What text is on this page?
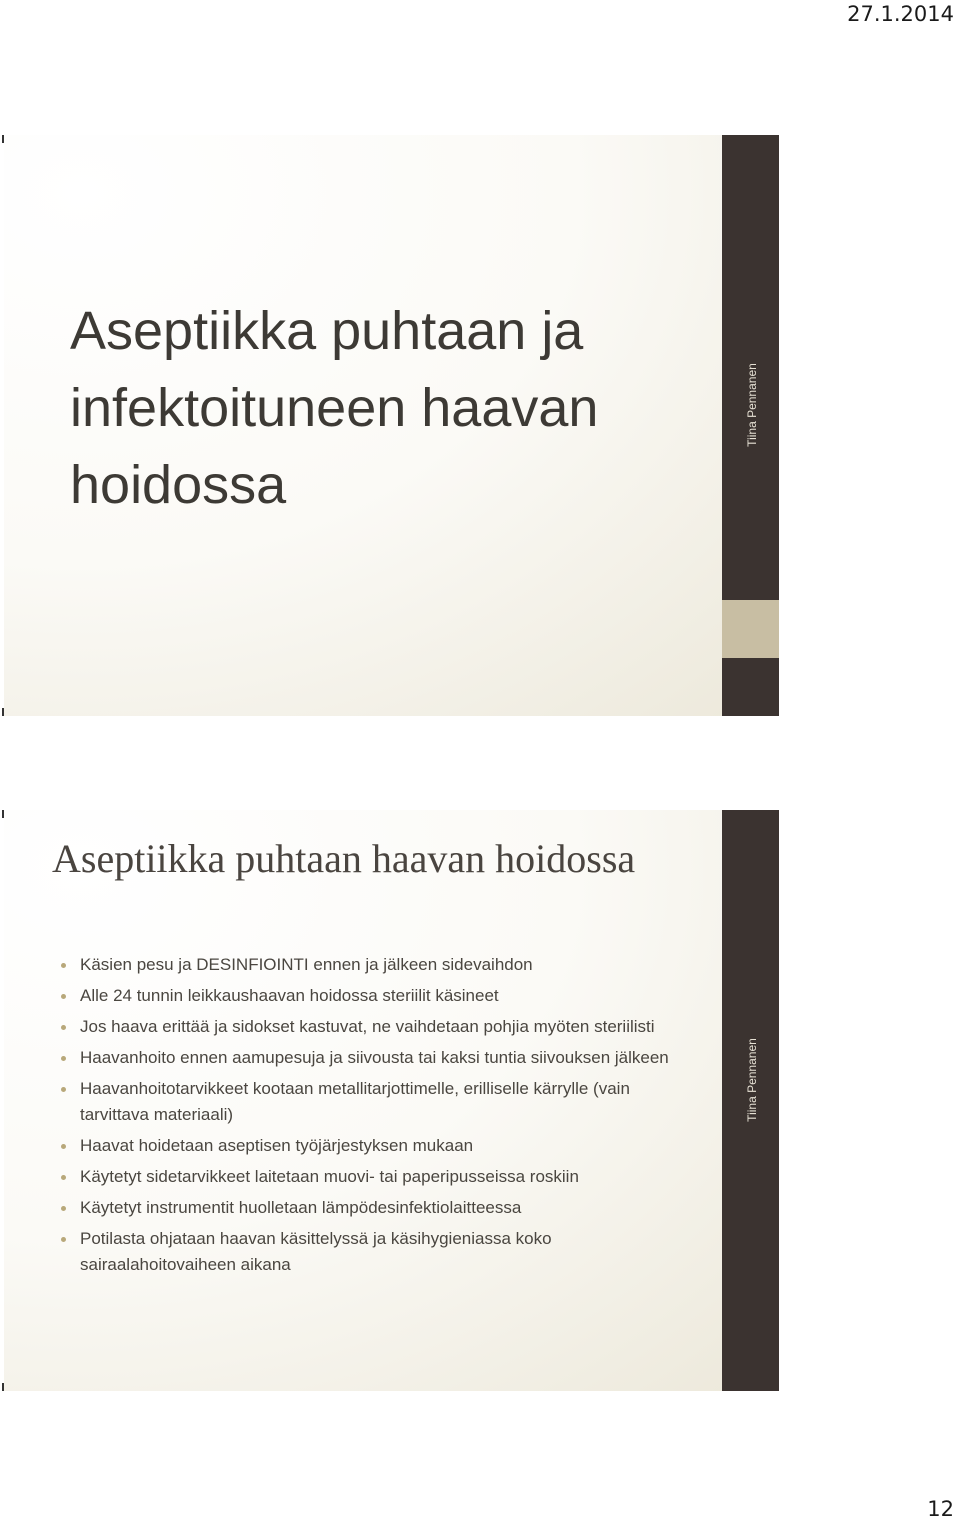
27.1.2014
Aseptiikka puhtaan ja infektoituneen haavan hoidossa
Tiina Pennanen
Aseptiikka puhtaan haavan hoidossa
Käsien pesu ja DESINFIOINTI ennen ja jälkeen sidevaihdon
Alle 24 tunnin leikkaushaavan hoidossa steriilit käsineet
Jos haava erittää ja sidokset kastuvat, ne vaihdetaan pohjia myöten steriilisti
Haavanhoito ennen aamupesuja ja siivousta tai kaksi tuntia siivouksen jälkeen
Haavanhoitotarvikkeet kootaan metallitarjottimelle, erilliselle kärrylle (vain tarvittava materiaali)
Haavat hoidetaan aseptisen työjärjestyksen mukaan
Käytetyt sidetarvikkeet laitetaan muovi- tai paperipusseissa roskiin
Käytetyt instrumentit huolletaan lämpödesinfektiolaitteessa
Potilasta ohjataan haavan käsittelyssä ja käsihygieniassa koko sairaalahoitovaiheen aikana
Tiina Pennanen
12
